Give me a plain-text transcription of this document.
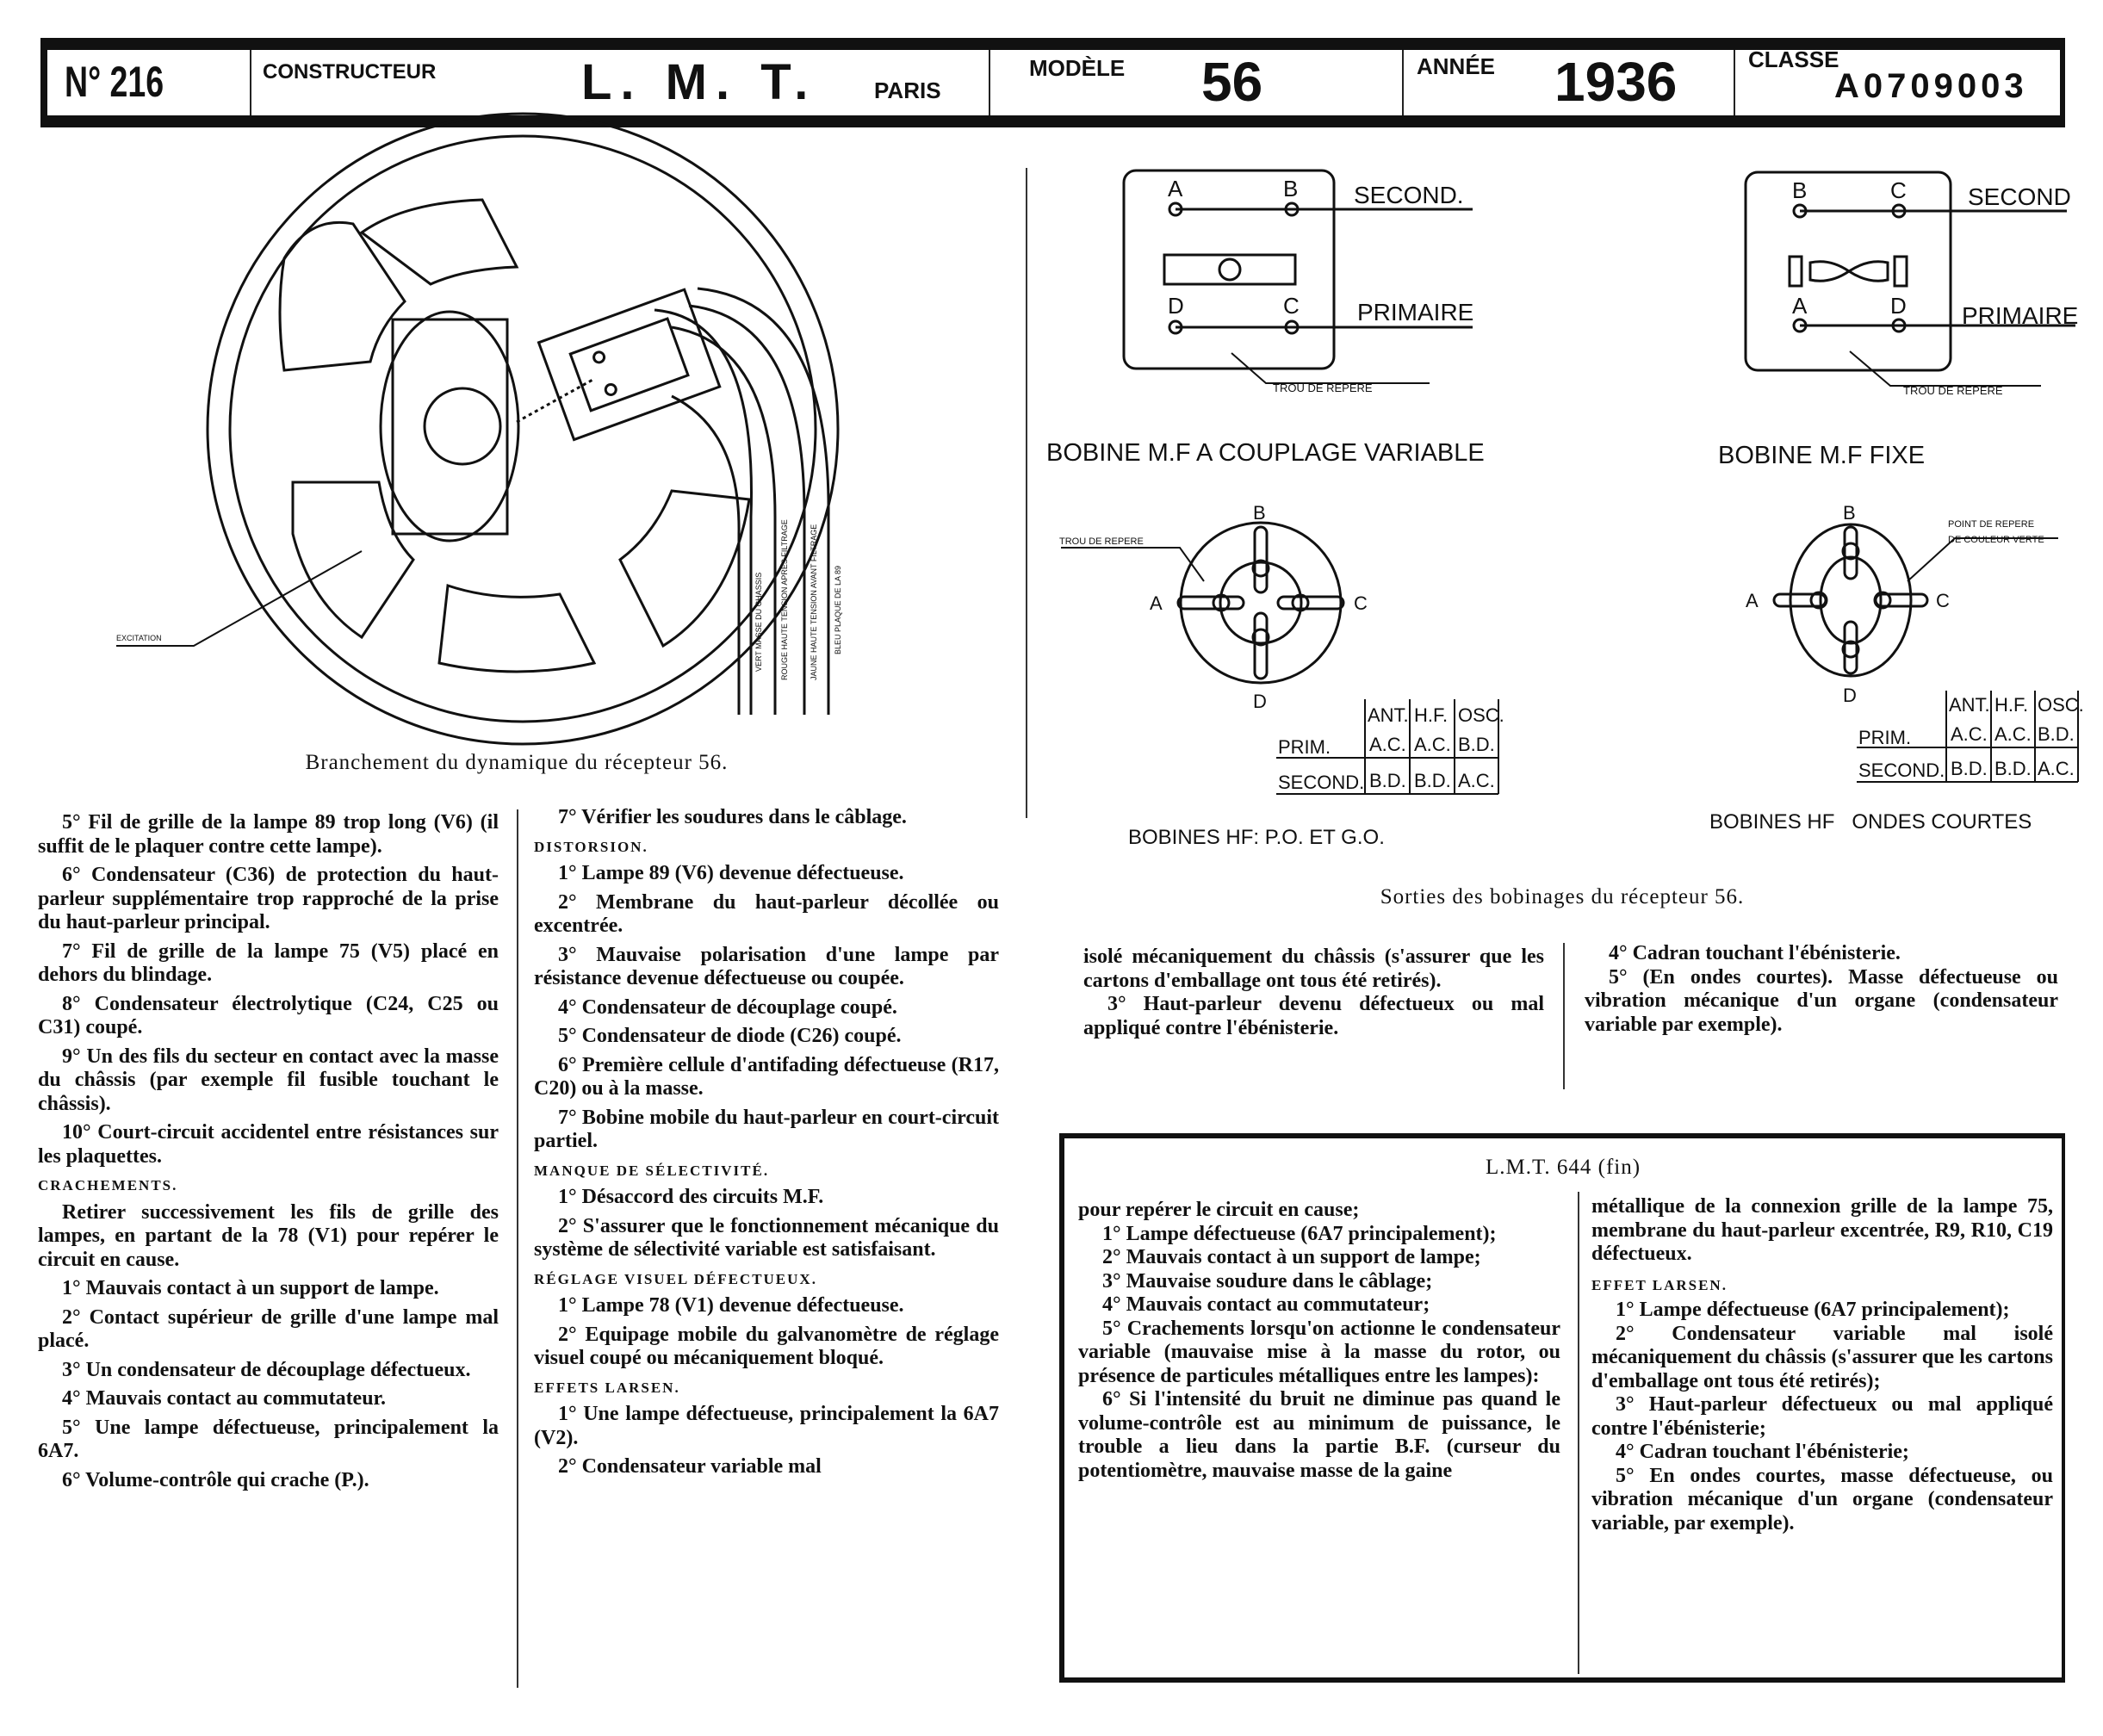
N° 216	CONSTRUCTEUR	L. M. T.	PARIS
MODÈLE 56	ANNÉE 1936	CLASSE
A0709003
EXCITATION	VERT MASSE DU CHASSIS ROUGE HAUTE TENSION APRES FILTRAGE	JAUNE HAUTE TENSION AVANT FILTRAGE BLEU PLAQUE DE LA 89
A	B
D	C
SECOND.
PRIMAIRE
TROU DE REPERE
BOBINE M.F A COUPLAGE VARIABLE
B	C
A	D
SECOND
PRIMAIRE
TROU DE REPERE
BOBINE M.F FIXE
B
A	C
D
TROU DE REPERE
BOBINES HF: P.O. ET G.O.
ANT. H.F. OSC.
PRIM. A.C. A.C. B.D.
SECOND. B.D. B.D. A.C.
B
A	C
D
POINT DE REPERE
DE COULEUR VERTE
BOBINES HF   ONDES COURTES
ANT. H.F. OSC.
PRIM. A.C. A.C. B.D.
SECOND. B.D. B.D. A.C.
Branchement du dynamique du récepteur 56.
Sorties des bobinages du récepteur 56.

5° Fil de grille de la lampe 89 trop long (V6) (il suffit de le plaquer contre cette lampe).

6° Condensateur (C36) de protection du haut-parleur supplémentaire trop rapproché de la prise du haut-parleur principal.

7° Fil de grille de la lampe 75 (V5) placé en dehors du blindage.

8° Condensateur électrolytique (C24, C25 ou C31) coupé.

9° Un des fils du secteur en contact avec la masse du châssis (par exemple fil fusible touchant le châssis).

10° Court-circuit accidentel entre résistances sur les plaquettes.

CRACHEMENTS.

Retirer successivement les fils de grille des lampes, en partant de la 78 (V1) pour repérer le circuit en cause.

1° Mauvais contact à un support de lampe.

2° Contact supérieur de grille d'une lampe mal placé.

3° Un condensateur de découplage défectueux.

4° Mauvais contact au commutateur.

5° Une lampe défectueuse, principalement la 6A7.

6° Volume-contrôle qui crache (P.).

7° Vérifier les soudures dans le câblage.

DISTORSION.

1° Lampe 89 (V6) devenue défectueuse.

2° Membrane du haut-parleur décollée ou excentrée.

3° Mauvaise polarisation d'une lampe par résistance devenue défectueuse ou coupée.

4° Condensateur de découplage coupé.

5° Condensateur de diode (C26) coupé.

6° Première cellule d'antifading défectueuse (R17, C20) ou à la masse.

7° Bobine mobile du haut-parleur en court-circuit partiel.

MANQUE DE SÉLECTIVITÉ.

1° Désaccord des circuits M.F.

2° S'assurer que le fonctionnement mécanique du système de sélectivité variable est satisfaisant.

RÉGLAGE VISUEL DÉFECTUEUX.

1° Lampe 78 (V1) devenue défectueuse.

2° Equipage mobile du galvanomètre de réglage visuel coupé ou mécaniquement bloqué.

EFFETS LARSEN.

1° Une lampe défectueuse, principalement la 6A7 (V2).

2° Condensateur variable mal

isolé mécaniquement du châssis (s'assurer que les cartons d'emballage ont tous été retirés).

3° Haut-parleur devenu défectueux ou mal appliqué contre l'ébénisterie.

4° Cadran touchant l'ébénisterie.

5° (En ondes courtes). Masse défectueuse ou vibration mécanique d'un organe (condensateur variable par exemple).

L.M.T. 644 (fin)

pour repérer le circuit en cause;

1° Lampe défectueuse (6A7 principalement);

2° Mauvais contact à un support de lampe;

3° Mauvaise soudure dans le câblage;

4° Mauvais contact au commutateur;

5° Crachements lorsqu'on actionne le condensateur variable (mauvaise mise à la masse du rotor, ou présence de particules métalliques entre les lampes):

6° Si l'intensité du bruit ne diminue pas quand le volume-contrôle est au minimum de puissance, le trouble a lieu dans la partie B.F. (curseur du potentiomètre, mauvaise masse de la gaine

métallique de la connexion grille de la lampe 75, membrane du haut-parleur excentrée, R9, R10, C19 défectueux.

EFFET LARSEN.

1° Lampe défectueuse (6A7 principalement);

2° Condensateur variable mal isolé mécaniquement du châssis (s'assurer que les cartons d'emballage ont tous été retirés);

3° Haut-parleur défectueux ou mal appliqué contre l'ébénisterie;

4° Cadran touchant l'ébénisterie;

5° En ondes courtes, masse défectueuse, ou vibration mécanique d'un organe (condensateur variable, par exemple).
